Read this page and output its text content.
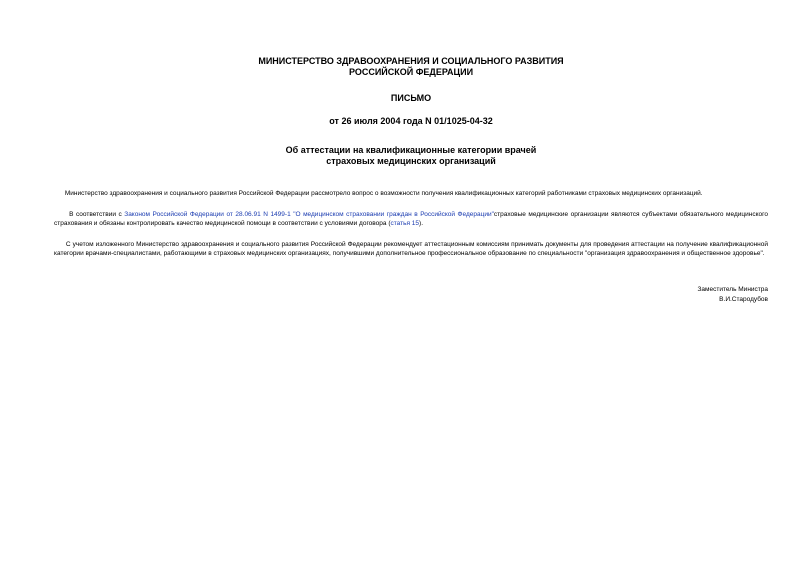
МИНИСТЕРСТВО ЗДРАВООХРАНЕНИЯ И СОЦИАЛЬНОГО РАЗВИТИЯ
РОССИЙСКОЙ ФЕДЕРАЦИИ
ПИСЬМО
от 26 июля 2004 года N 01/1025-04-32
Об аттестации на квалификационные категории врачей
страховых медицинских организаций

Министерство здравоохранения и социального развития Российской Федерации рассмотрело вопрос о возможности получения квалификационных категорий работниками страховых медицинских организаций.

В соответствии с Законом Российской Федерации от 28.06.91 N 1499-1 "О медицинском страховании граждан в Российской Федерации"страховые медицинские организации являются субъектами обязательного медицинского страхования и обязаны контролировать качество медицинской помощи в соответствии с условиями договора (статья 15).

С учетом изложенного Министерство здравоохранения и социального развития Российской Федерации рекомендует аттестационным комиссиям принимать документы для проведения аттестации на получение квалификационной категории врачами-специалистами, работающими в страховых медицинских организациях, получившими дополнительное профессиональное образование по специальности "организация здравоохранения и общественное здоровье".

Заместитель Министра
В.И.Стародубов
